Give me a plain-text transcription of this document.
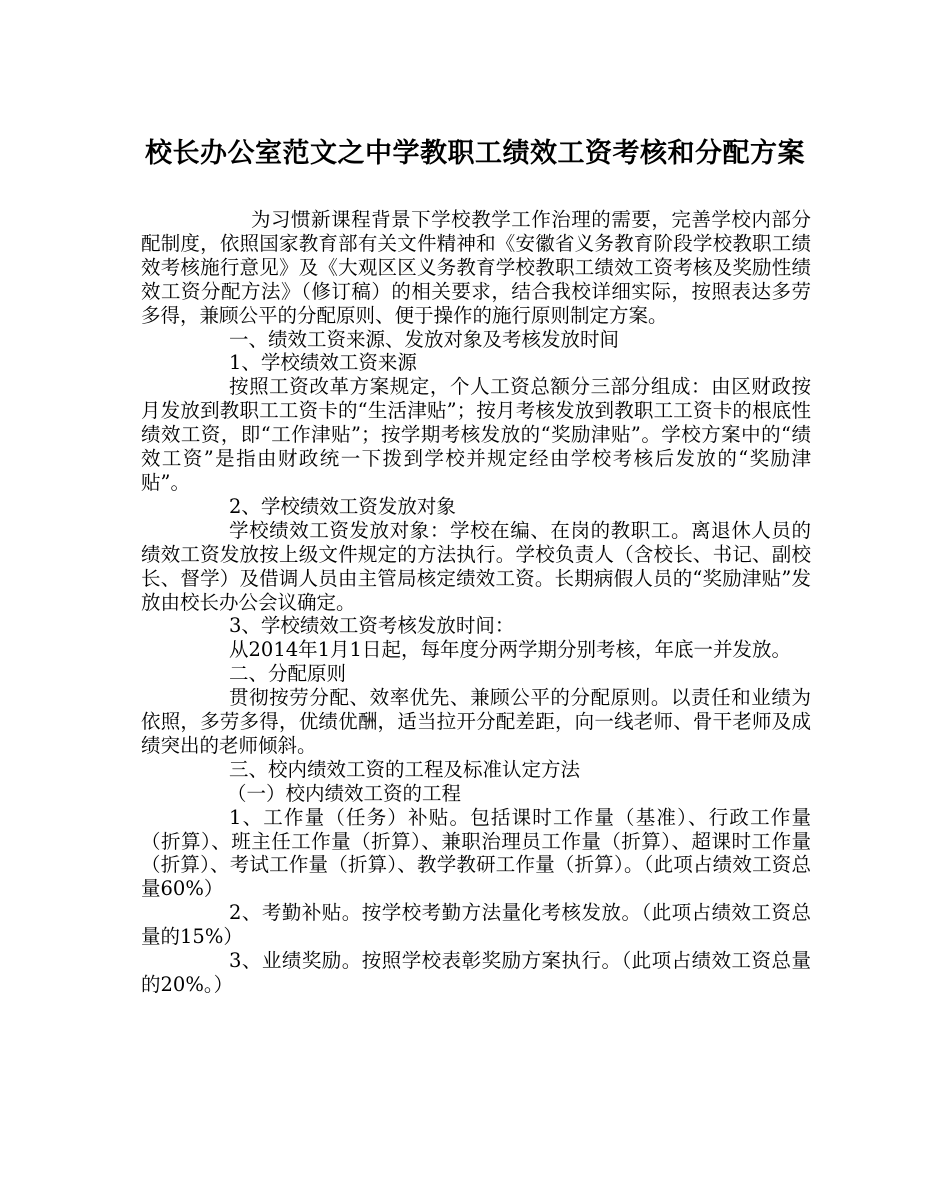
校长办公室范文之中学教职工绩效工资考核和分配方案

为习惯新课程背景下学校教学工作治理的需要，完善学校内部分配制度，依照国家教育部有关文件精神和《安徽省义务教育阶段学校教职工绩效考核施行意见》及《大观区区义务教育学校教职工绩效工资考核及奖励性绩效工资分配方法》（修订稿）的相关要求，结合我校详细实际，按照表达多劳多得，兼顾公平的分配原则、便于操作的施行原则制定方案。

一、绩效工资来源、发放对象及考核发放时间

1、学校绩效工资来源

按照工资改革方案规定，个人工资总额分三部分组成：由区财政按月发放到教职工工资卡的“生活津贴”；按月考核发放到教职工工资卡的根底性绩效工资，即“工作津贴”；按学期考核发放的“奖励津贴”。学校方案中的“绩效工资”是指由财政统一下拨到学校并规定经由学校考核后发放的“奖励津贴”。

2、学校绩效工资发放对象

学校绩效工资发放对象：学校在编、在岗的教职工。离退休人员的绩效工资发放按上级文件规定的方法执行。学校负责人（含校长、书记、副校长、督学）及借调人员由主管局核定绩效工资。长期病假人员的“奖励津贴”发放由校长办公会议确定。

3、学校绩效工资考核发放时间：

从2014年1月1日起，每年度分两学期分别考核，年底一并发放。

二、分配原则

贯彻按劳分配、效率优先、兼顾公平的分配原则。以责任和业绩为依照，多劳多得，优绩优酬，适当拉开分配差距，向一线老师、骨干老师及成绩突出的老师倾斜。

三、校内绩效工资的工程及标准认定方法

（一）校内绩效工资的工程

1、工作量（任务）补贴。包括课时工作量（基准）、行政工作量（折算）、班主任工作量（折算）、兼职治理员工作量（折算）、超课时工作量（折算）、考试工作量（折算）、教学教研工作量（折算）。（此项占绩效工资总量60%）

2、考勤补贴。按学校考勤方法量化考核发放。（此项占绩效工资总量的15%）

3、业绩奖励。按照学校表彰奖励方案执行。（此项占绩效工资总量的20%。）
